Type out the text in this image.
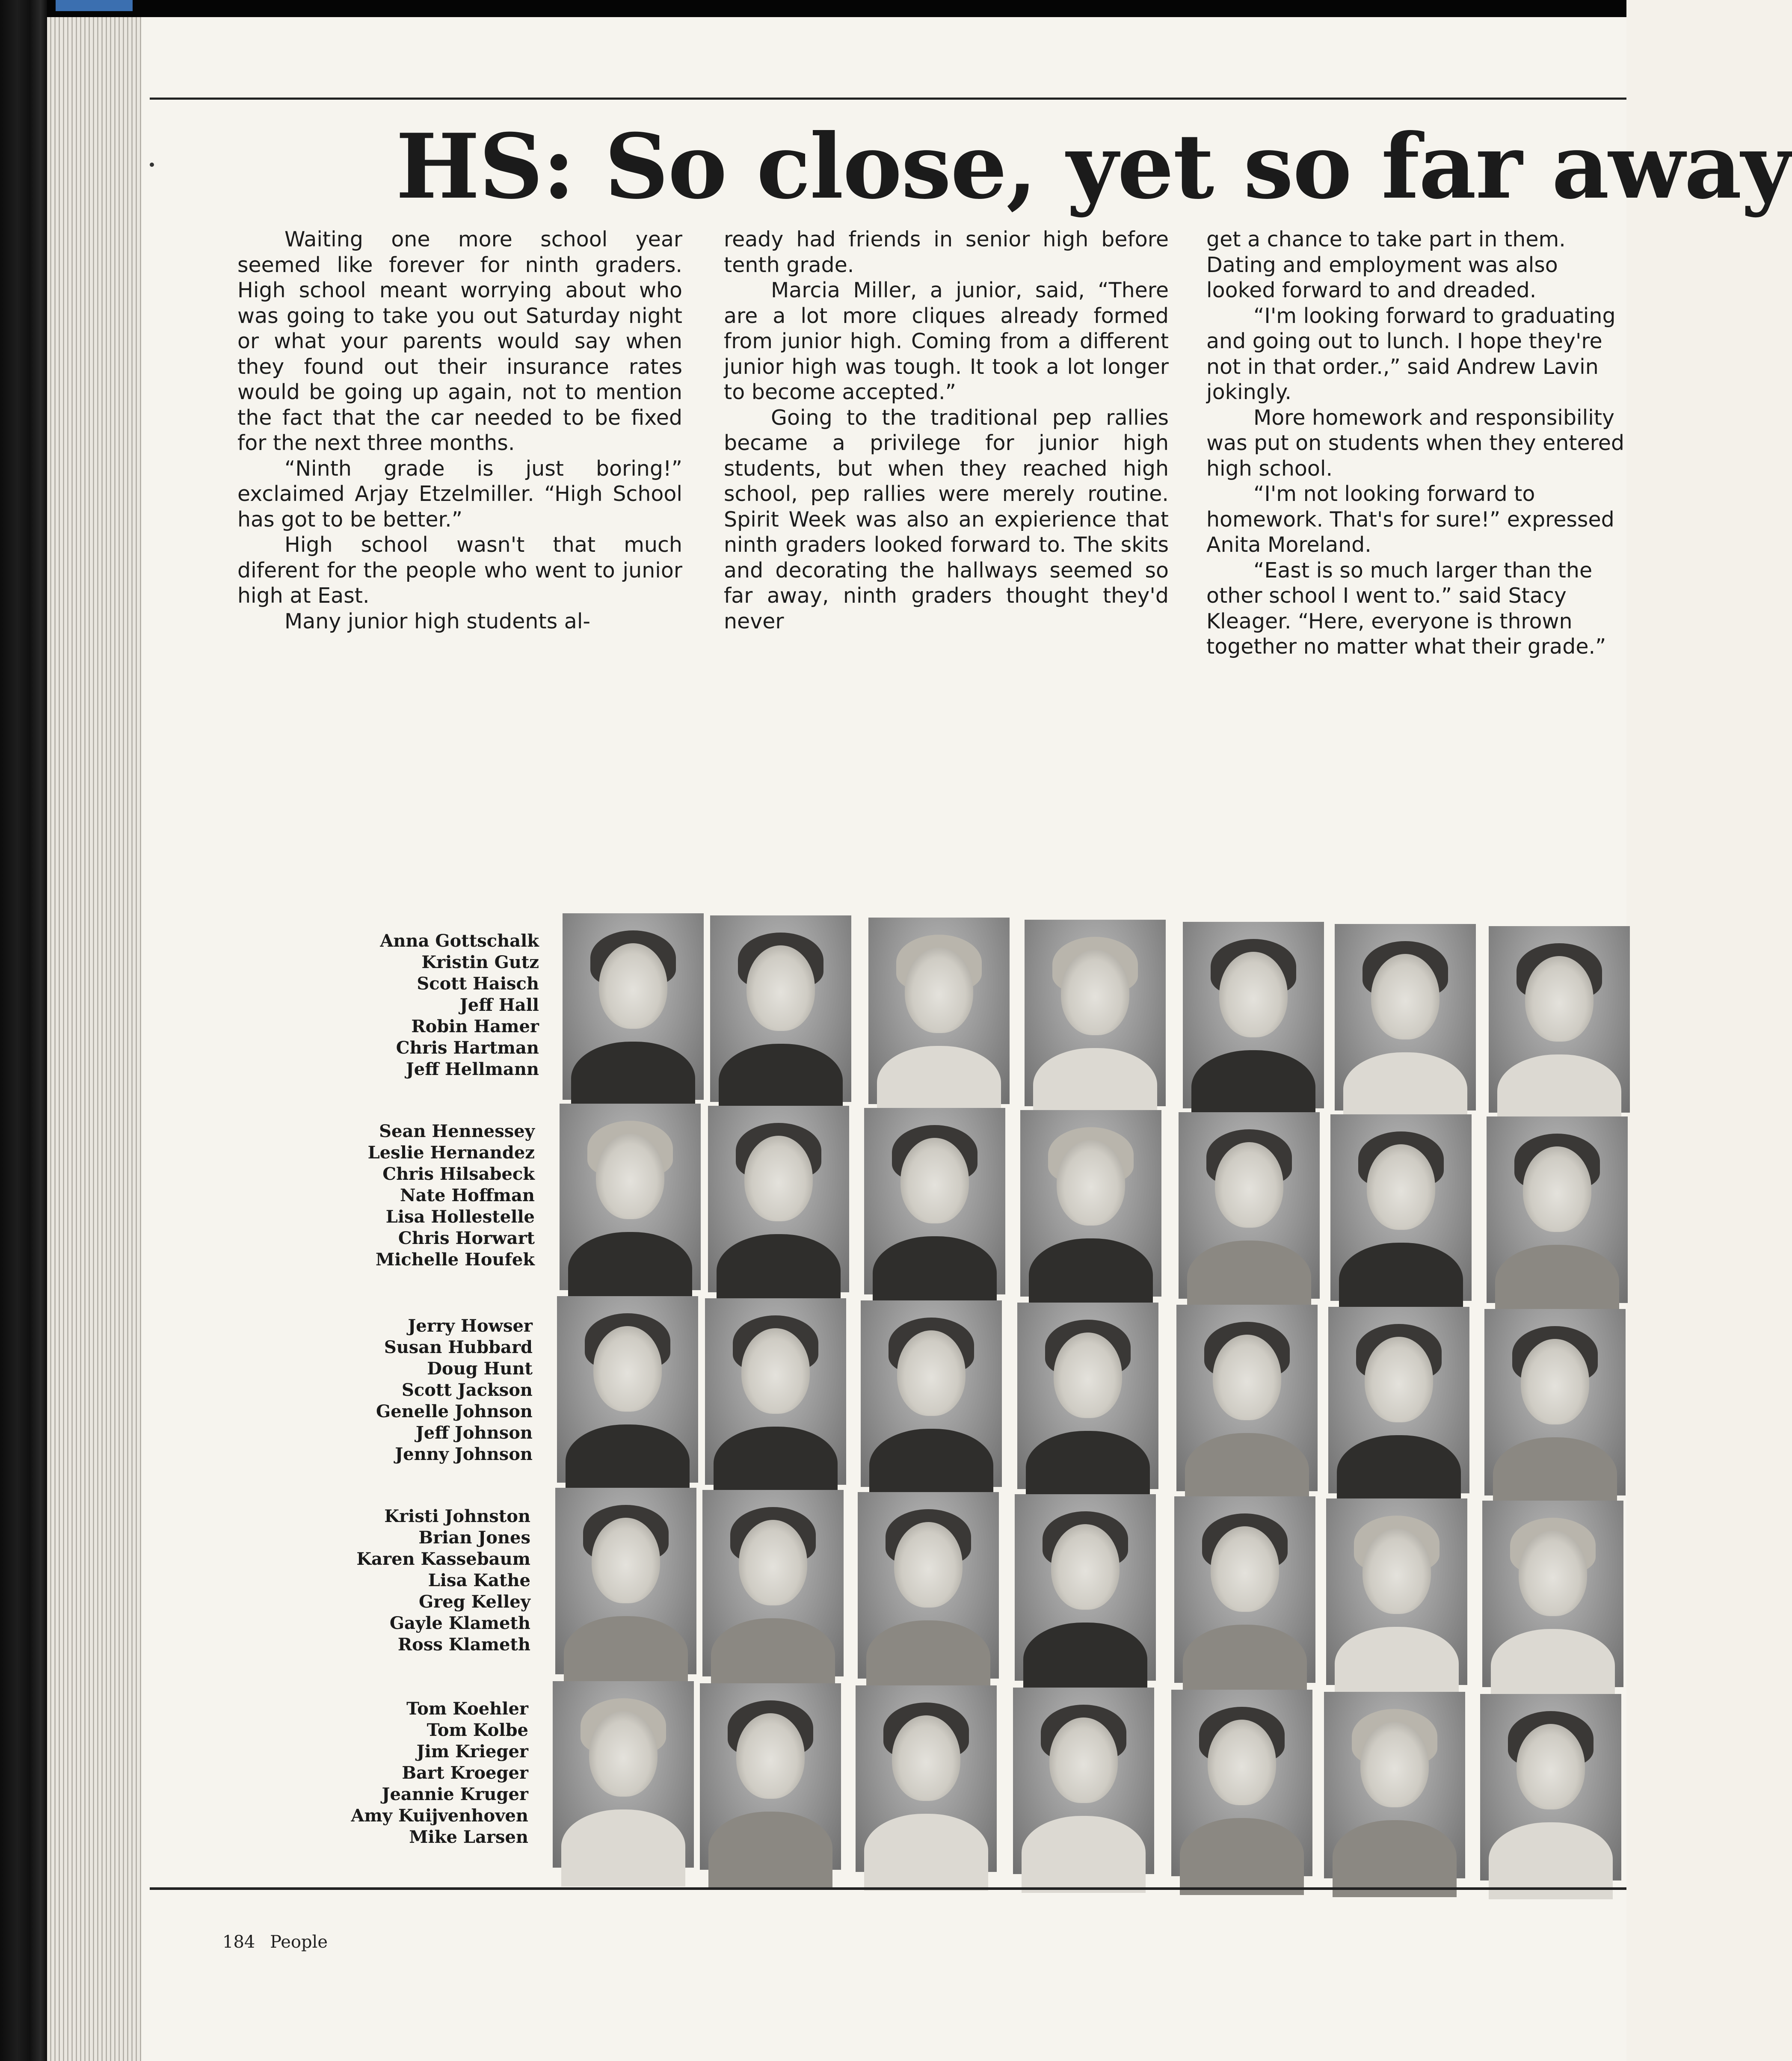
HS: So close, yet so far away

Waiting one more school year seemed like forever for ninth graders. High school meant worrying about who was going to take you out Saturday night or what your parents would say when they found out their insurance rates would be going up again, not to mention the fact that the car needed to be fixed for the next three months.

“Ninth grade is just boring!” exclaimed Arjay Etzelmiller. “High School has got to be better.”

High school wasn't that much diferent for the people who went to junior high at East.

Many junior high students al-

ready had friends in senior high before tenth grade.

Marcia Miller, a junior, said, “There are a lot more cliques already formed from junior high. Coming from a different junior high was tough. It took a lot longer to become accepted.”

Going to the traditional pep rallies became a privilege for junior high students, but when they reached high school, pep rallies were merely routine. Spirit Week was also an expierience that ninth graders looked forward to. The skits and decorating the hallways seemed so far away, ninth graders thought they'd never

get a chance to take part in them. Dating and employment was also looked forward to and dreaded.

“I'm looking forward to graduating and going out to lunch. I hope they're not in that order.,” said Andrew Lavin jokingly.

More homework and responsibility was put on students when they entered high school.

“I'm not looking forward to homework. That's for sure!” expressed Anita Moreland.

“East is so much larger than the other school I went to.” said Stacy Kleager. “Here, everyone is thrown together no matter what their grade.”

Anna Gottschalk
Kristin Gutz
Scott Haisch
Jeff Hall
Robin Hamer
Chris Hartman
Jeff Hellmann
Sean Hennessey
Leslie Hernandez
Chris Hilsabeck
Nate Hoffman
Lisa Hollestelle
Chris Horwart
Michelle Houfek
Jerry Howser
Susan Hubbard
Doug Hunt
Scott Jackson
Genelle Johnson
Jeff Johnson
Jenny Johnson
Kristi Johnston
Brian Jones
Karen Kassebaum
Lisa Kathe
Greg Kelley
Gayle Klameth
Ross Klameth
Tom Koehler
Tom Kolbe
Jim Krieger
Bart Kroeger
Jeannie Kruger
Amy Kuijvenhoven
Mike Larsen
184 People
